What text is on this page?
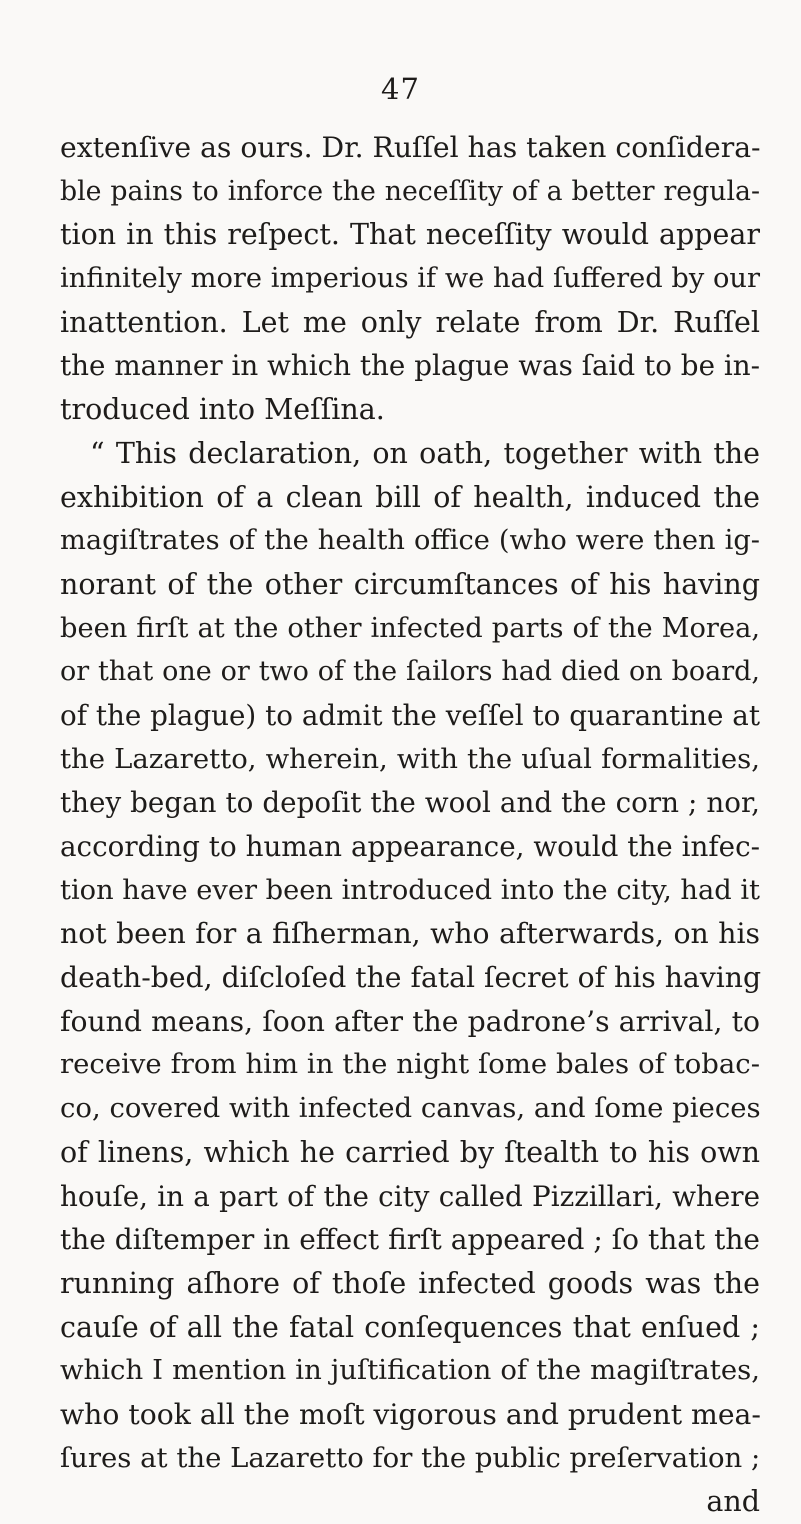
47
extenſive as ours. Dr. Ruſſel has taken conſidera-
ble pains to inforce the neceſſity of a better regula-
tion in this reſpect. That neceſſity would appear
infinitely more imperious if we had ſuffered by our
inattention. Let me only relate from Dr. Ruſſel
the manner in which the plague was ſaid to be in-
troduced into Meſſina.
“ This declaration, on oath, together with the
exhibition of a clean bill of health, induced the
magiſtrates of the health office (who were then ig-
norant of the other circumſtances of his having
been firſt at the other infected parts of the Morea,
or that one or two of the ſailors had died on board,
of the plague) to admit the veſſel to quarantine at
the Lazaretto, wherein, with the uſual formalities,
they began to depoſit the wool and the corn ; nor,
according to human appearance, would the infec-
tion have ever been introduced into the city, had it
not been for a fiſherman, who afterwards, on his
death-bed, diſcloſed the fatal ſecret of his having
found means, ſoon after the padrone’s arrival, to
receive from him in the night ſome bales of tobac-
co, covered with infected canvas, and ſome pieces
of linens, which he carried by ſtealth to his own
houſe, in a part of the city called Pizzillari, where
the diſtemper in effect firſt appeared ; ſo that the
running aſhore of thoſe infected goods was the
cauſe of all the fatal conſequences that enſued ;
which I mention in juſtification of the magiſtrates,
who took all the moſt vigorous and prudent mea-
ſures at the Lazaretto for the public preſervation ;
and
